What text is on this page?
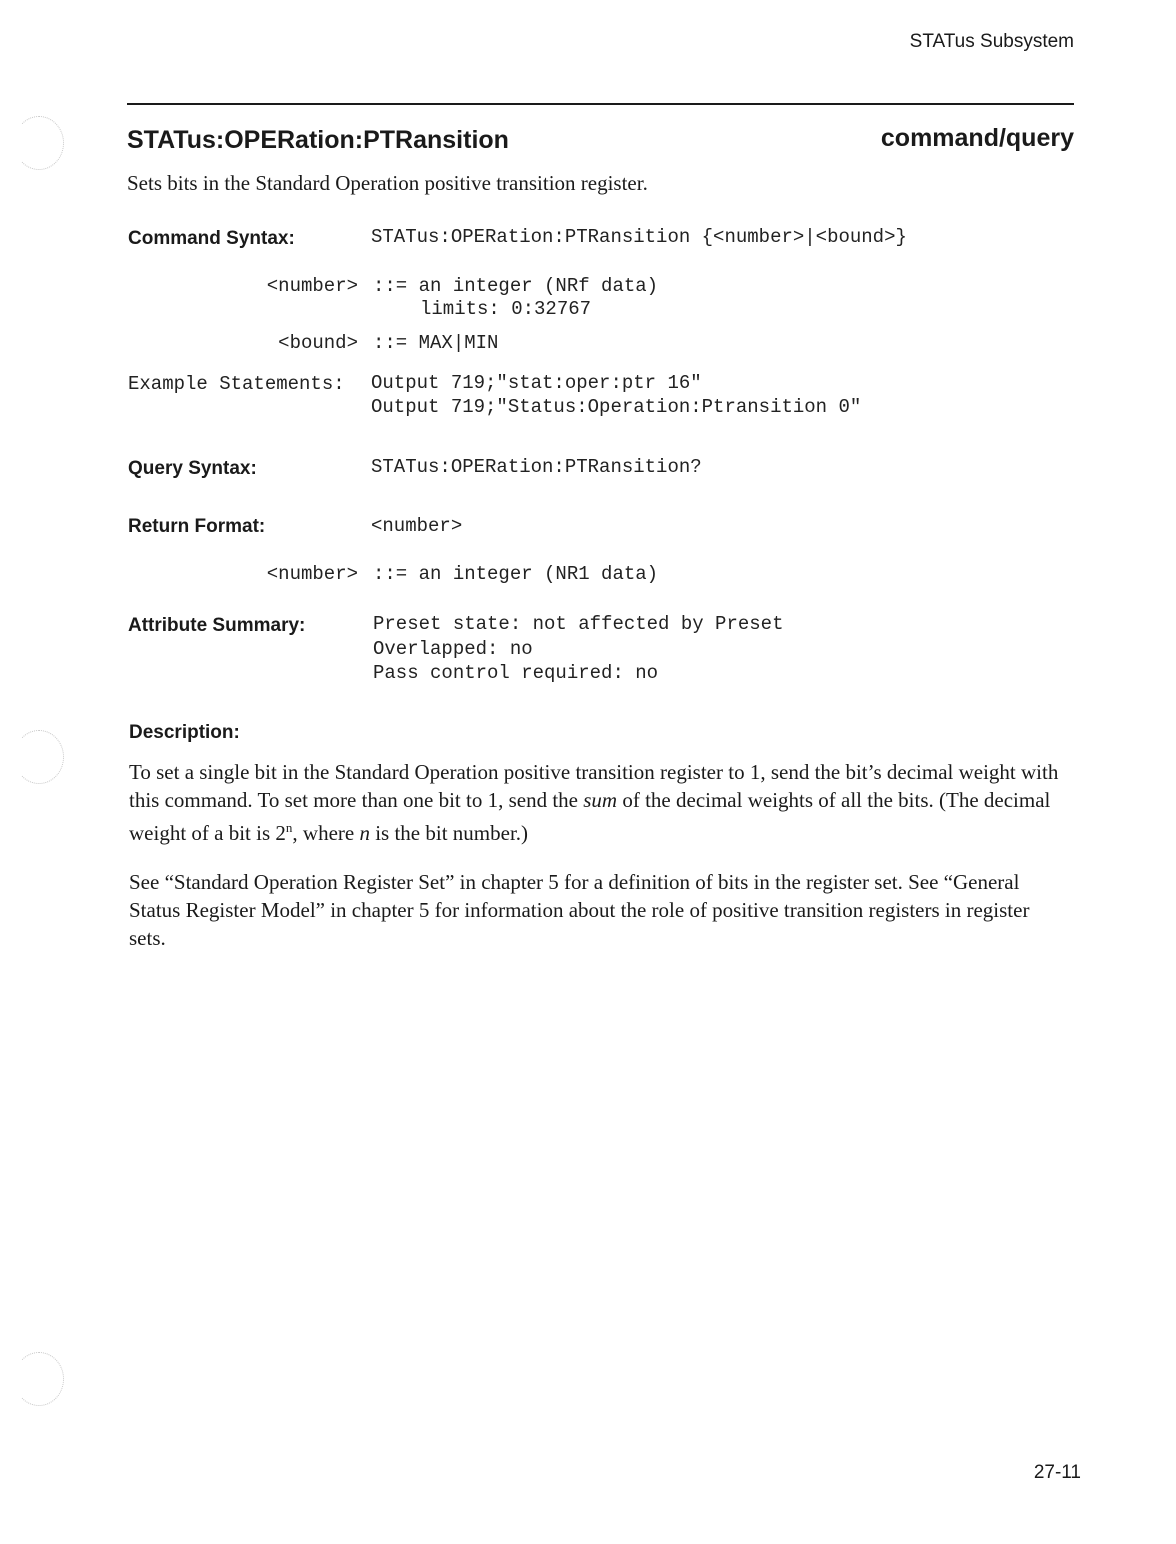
STATus Subsystem
STATus:OPERation:PTRansition	command/query
Sets bits in the Standard Operation positive transition register.
Command Syntax:	STATus:OPERation:PTRansition {<number>|<bound>}
<number> ::= an integer (NRf data)
limits: 0:32767
<bound> ::= MAX|MIN
Example Statements: Output 719;"stat:oper:ptr 16"
Output 719;"Status:Operation:Ptransition 0"
Query Syntax:	STATus:OPERation:PTRansition?
Return Format:	<number>
<number> ::= an integer (NR1 data)
Attribute Summary:	Preset state: not affected by Preset
Overlapped: no
Pass control required: no
Description:

To set a single bit in the Standard Operation positive transition register to 1, send the bit’s decimal weight with this command. To set more than one bit to 1, send the sum of the decimal weights of all the bits. (The decimal weight of a bit is 2$^n$, where n is the bit number.)

See “Standard Operation Register Set” in chapter 5 for a definition of bits in the register set. See “General Status Register Model” in chapter 5 for information about the role of positive transition registers in register sets.

27-11
